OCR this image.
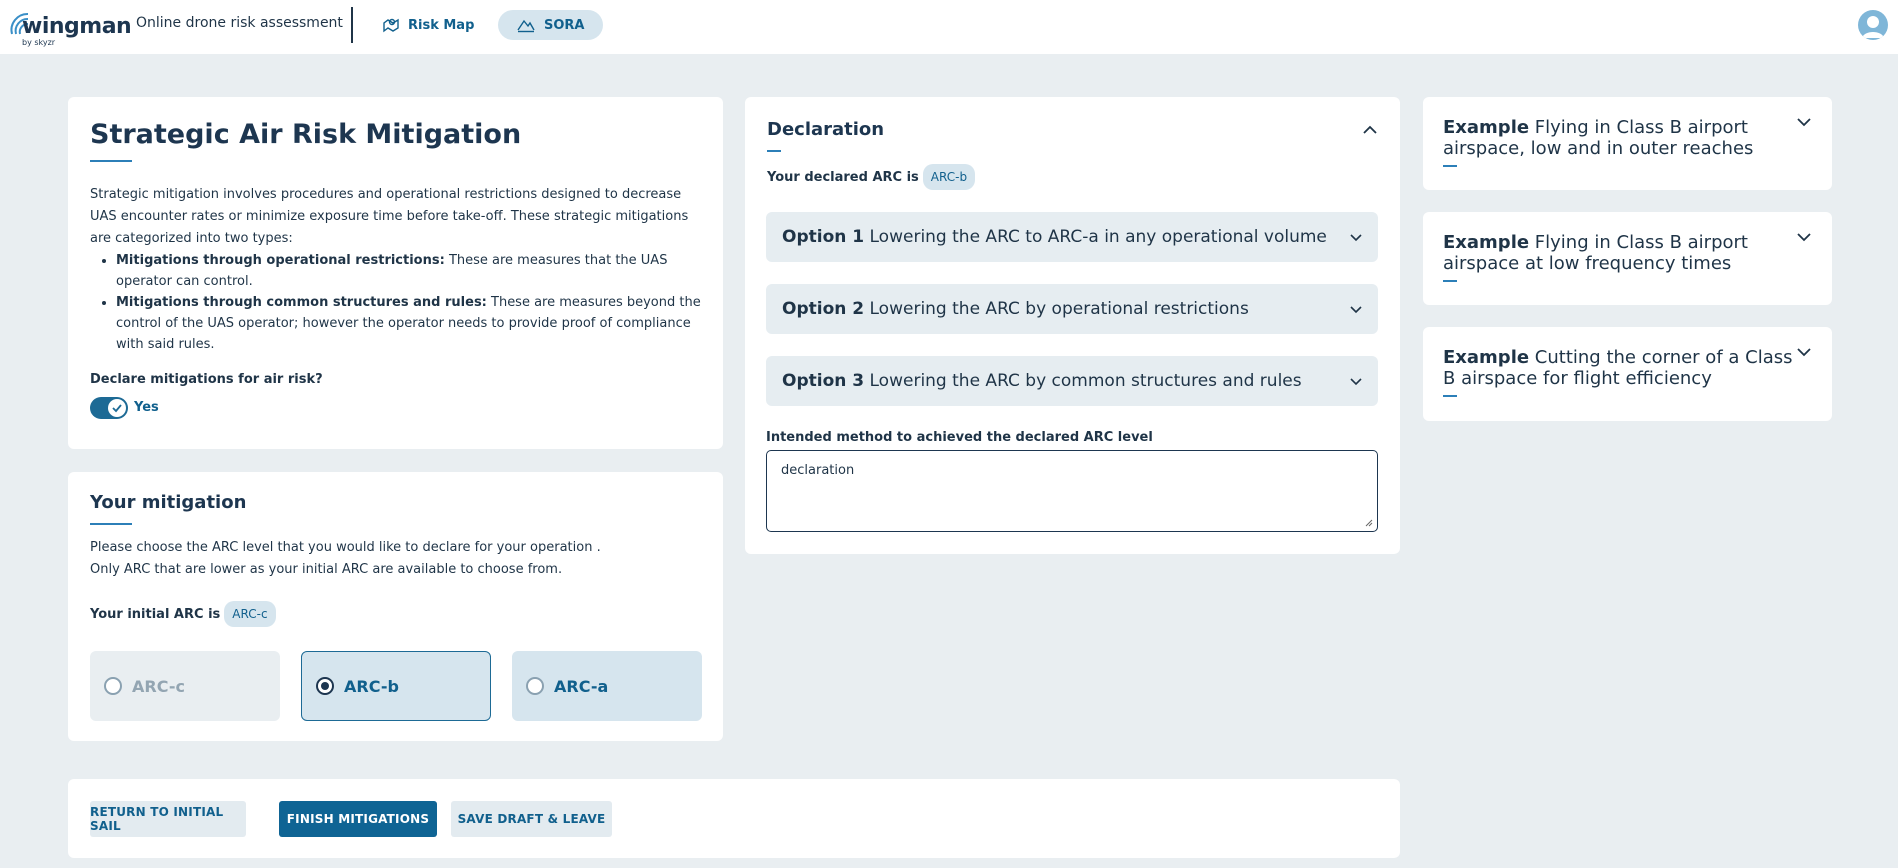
wingman
by skyzr
Online drone risk assessment	Risk Map	SORA
Strategic Air Risk Mitigation

Strategic mitigation involves procedures and operational restrictions designed to decrease UAS encounter rates or minimize exposure time before take-off. These strategic mitigations are categorized into two types:

• Mitigations through operational restrictions: These are measures that the UAS operator can control.
• Mitigations through common structures and rules: These are measures beyond the control of the UAS operator; however the operator needs to provide proof of compliance with said rules.
Declare mitigations for air risk?
Yes
Your mitigation

Please choose the ARC level that you would like to declare for your operation .

Only ARC that are lower as your initial ARC are available to choose from.

Your initial ARC is ARC-c
ARC-c	ARC-b	ARC-a
Declaration
Your declared ARC is ARC-b
Intended method to achieved the declared ARC level
Option 1 Lowering the ARC to ARC-a in any operational volume
Option 2 Lowering the ARC by operational restrictions
Option 3 Lowering the ARC by common structures and rules
declaration
Example Flying in Class B airport airspace, low and in outer reaches
Example Flying in Class B airport airspace at low frequency times
Example Cutting the corner of a Class B airspace for flight efficiency
RETURN TO INITIAL SAIL	FINISH MITIGATIONS	SAVE DRAFT & LEAVE
